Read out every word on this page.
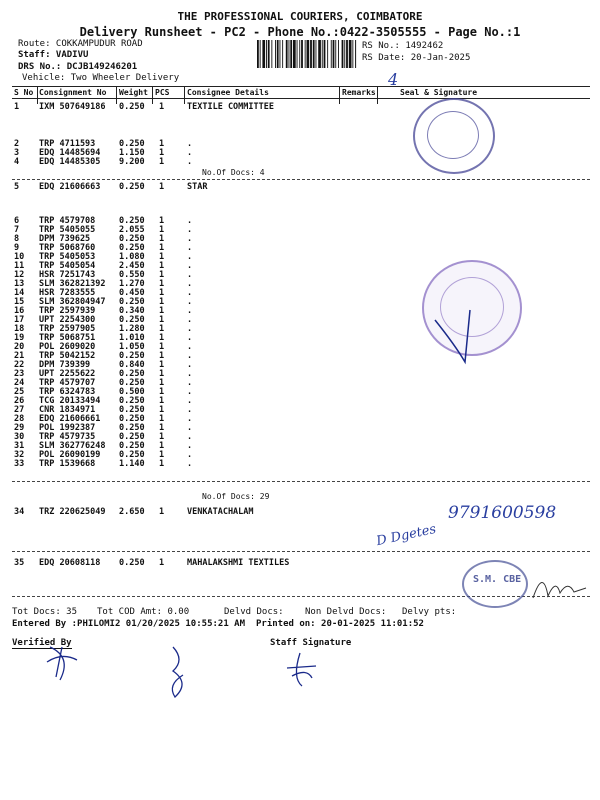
THE PROFESSIONAL COURIERS, COIMBATORE
Delivery Runsheet - PC2 - Phone No.:0422-3505555 - Page No.:1
Route: COKKAMPUDUR ROAD
Staff: VADIVU
DRS No.: DCJB149246201
Vehicle: Two Wheeler Delivery
RS No.: 1492462
RS Date: 20-Jan-2025
4
S No Consignment No Weight PCS Consignee Details	Remarks	Seal & Signature
No.Of Docs: 4
No.Of Docs: 29
1 IXM 507649186 0.250 1	TEXTILE COMMITTEE
2 TRP 4711593	0.250 1	.
3 EDQ 14485694 1.150 1	.
4 EDQ 14485305 9.200 1	.
5 EDQ 21606663 0.250 1	STAR
6 TRP 4579708	0.250 1	.
7 TRP 5405055	2.055 1	.
8 DPM 739625	0.250 1	.
9 TRP 5068760	0.250 1	.
10 TRP 5405053	1.080 1	.
11 TRP 5405054	2.450 1	.
12 HSR 7251743	0.550 1	.
13 SLM 362821392 1.270 1	.
14 HSR 7283555	0.450 1	.
15 SLM 362804947 0.250 1	.
16 TRP 2597939	0.340 1	.
17 UPT 2254300	0.250 1	.
18 TRP 2597905	1.280 1	.
19 TRP 5068751	1.010 1	.
20 POL 2609020	1.050 1	.
21 TRP 5042152	0.250 1	.
22 DPM 739399	0.840 1	.
23 UPT 2255622	0.250 1	.
24 TRP 4579707	0.250 1	.
25 TRP 6324783	0.500 1	.
26 TCG 20133494 0.250 1	.
27 CNR 1834971	0.250 1	.
28 EDQ 21606661 0.250 1	.
29 POL 1992387	0.250 1	.
30 TRP 4579735	0.250 1	.
31 SLM 362776248 0.250 1	.
32 POL 26090199 0.250 1	.
33 TRP 1539668	1.140 1	.
34 TRZ 220625049 2.650 1	VENKATACHALAM
35 EDQ 20608118 0.250 1	MAHALAKSHMI TEXTILES
9791600598
D Dgetes
S.M. CBE
Tot Docs: 35 Tot COD Amt: 0.00	Delvd Docs: Non Delvd Docs: Delvy pts:
Entered By :PHILOMI2 01/20/2025 10:55:21 AM Printed on: 20-01-2025 11:01:52
Verified By	Staff Signature
